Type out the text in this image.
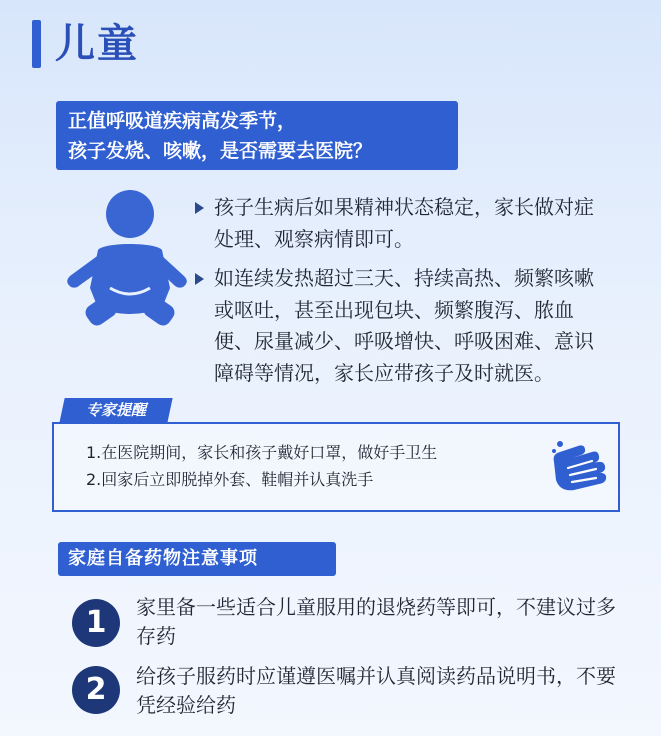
儿童
正值呼吸道疾病高发季节，
孩子发烧、咳嗽，是否需要去医院？
孩子生病后如果精神状态稳定，家长做对症处理、观察病情即可。
如连续发热超过三天、持续高热、频繁咳嗽或呕吐，甚至出现包块、频繁腹泻、脓血便、尿量减少、呼吸增快、呼吸困难、意识障碍等情况，家长应带孩子及时就医。
1.在医院期间，家长和孩子戴好口罩，做好手卫生
2.回家后立即脱掉外套、鞋帽并认真洗手
专家提醒
家庭自备药物注意事项
1	家里备一些适合儿童服用的退烧药等即可，不建议过多存药
2	给孩子服药时应谨遵医嘱并认真阅读药品说明书，不要凭经验给药
